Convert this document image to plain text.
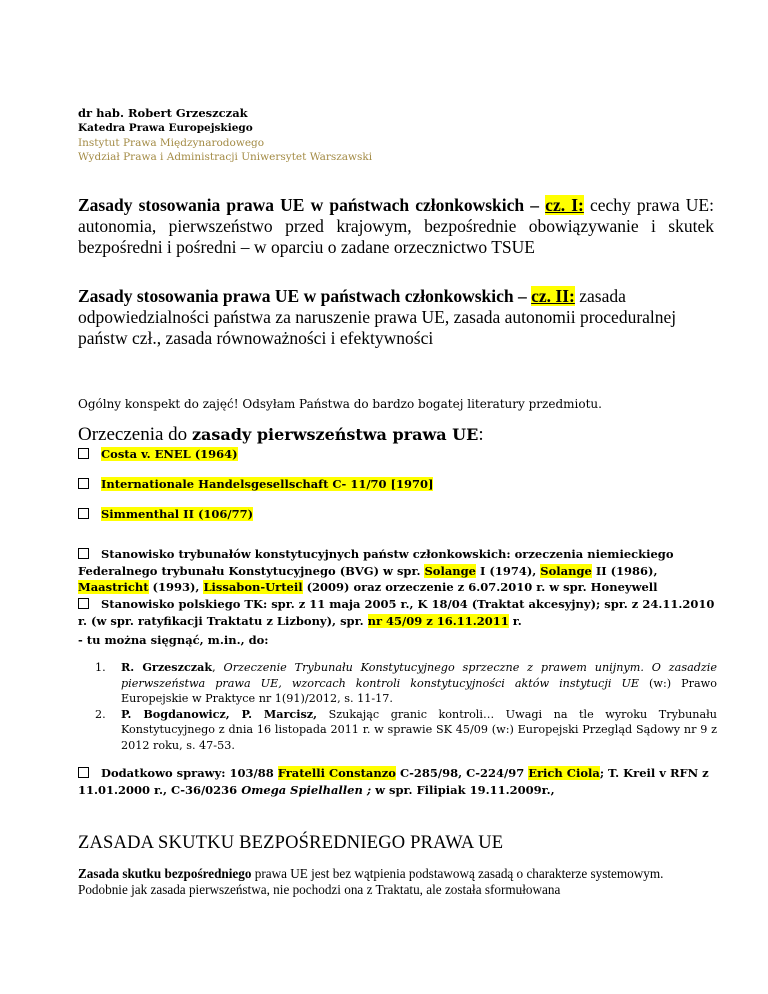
dr hab. Robert Grzeszczak
Katedra Prawa Europejskiego
Instytut Prawa Międzynarodowego
Wydział Prawa i Administracji Uniwersytet Warszawski
Zasady stosowania prawa UE w państwach członkowskich – cz. I: cechy prawa UE: autonomia, pierwszeństwo przed krajowym, bezpośrednie obowiązywanie i skutek bezpośredni i pośredni – w oparciu o zadane orzecznictwo TSUE
Zasady stosowania prawa UE w państwach członkowskich – cz. II: zasada odpowiedzialności państwa za naruszenie prawa UE, zasada autonomii proceduralnej państw czł., zasada równoważności i efektywności
Ogólny konspekt do zajęć! Odsyłam Państwa do bardzo bogatej literatury przedmiotu.
Orzeczenia do zasady pierwszeństwa prawa UE:
Costa v. ENEL (1964)
Internationale Handelsgesellschaft C- 11/70 [1970]
Simmenthal II (106/77)
Stanowisko trybunałów konstytucyjnych państw członkowskich: orzeczenia niemieckiego Federalnego trybunału Konstytucyjnego (BVG) w spr. Solange I (1974), Solange II (1986), Maastricht (1993), Lissabon-Urteil (2009) oraz orzeczenie z 6.07.2010 r. w spr. Honeywell
Stanowisko polskiego TK: spr. z 11 maja 2005 r., K 18/04 (Traktat akcesyjny); spr. z 24.11.2010 r. (w spr. ratyfikacji Traktatu z Lizbony), spr. nr 45/09 z 16.11.2011 r.
- tu można sięgnąć, m.in., do:
1. R. Grzeszczak, Orzeczenie Trybunału Konstytucyjnego sprzeczne z prawem unijnym. O zasadzie pierwszeństwa prawa UE, wzorcach kontroli konstytucyjności aktów instytucji UE (w:) Prawo Europejskie w Praktyce nr 1(91)/2012, s. 11-17.
2. P. Bogdanowicz, P. Marcisz, Szukając granic kontroli… Uwagi na tle wyroku Trybunału Konstytucyjnego z dnia 16 listopada 2011 r. w sprawie SK 45/09 (w:) Europejski Przegląd Sądowy nr 9 z 2012 roku, s. 47-53.
Dodatkowo sprawy: 103/88 Fratelli Constanzo C-285/98, C-224/97 Erich Ciola; T. Kreil v RFN z 11.01.2000 r., C-36/0236 Omega Spielhallen ; w spr. Filipiak 19.11.2009r.,
ZASADA SKUTKU BEZPOŚREDNIEGO PRAWA UE
Zasada skutku bezpośredniego prawa UE jest bez wątpienia podstawową zasadą o charakterze systemowym. Podobnie jak zasada pierwszeństwa, nie pochodzi ona z Traktatu, ale została sformułowana
